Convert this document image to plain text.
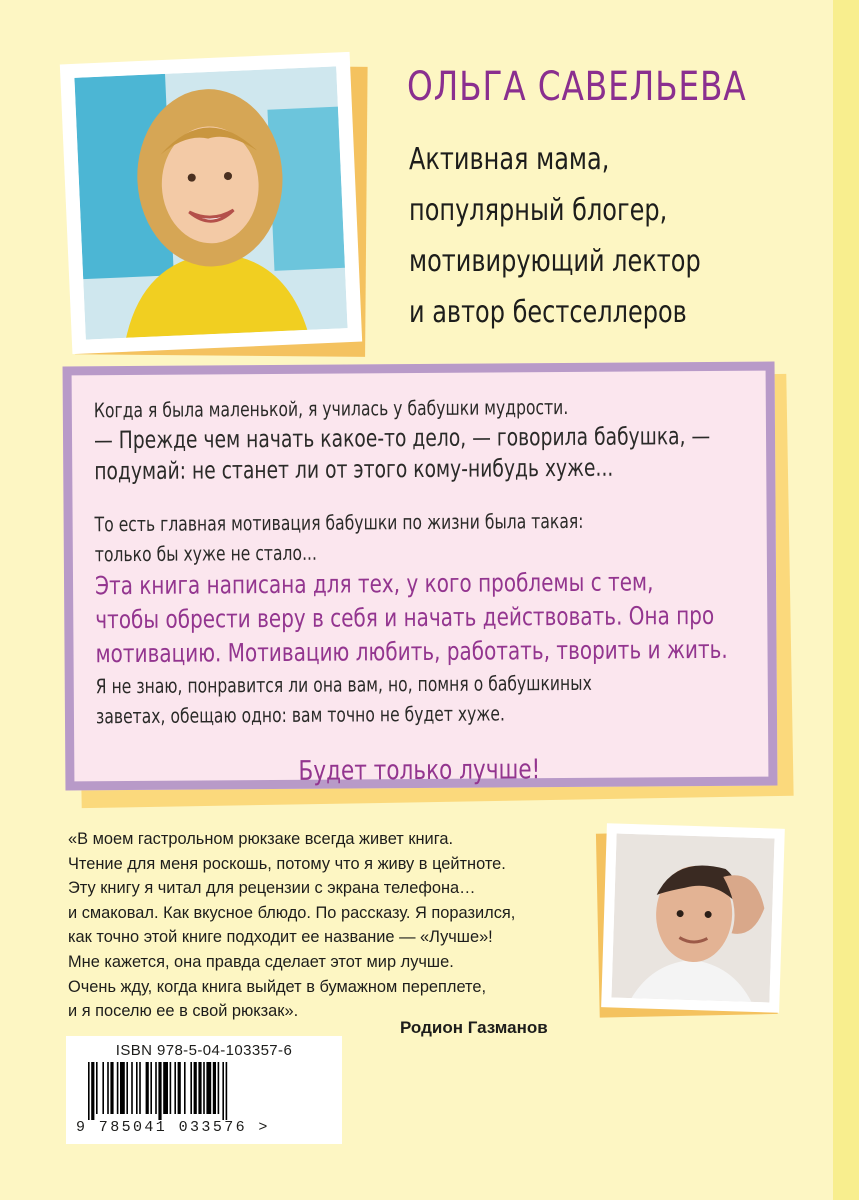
ОЛЬГА САВЕЛЬЕВА
Активная мама,
популярный блогер,
мотивирующий лектор
и автор бестселлеров

Когда я была маленькой, я училась у бабушки мудрости.

— Прежде чем начать какое-то дело, — говорила бабушка, —

подумай: не станет ли от этого кому-нибудь хуже...

То есть главная мотивация бабушки по жизни была такая:

только бы хуже не стало...

Эта книга написана для тех, у кого проблемы с тем,

чтобы обрести веру в себя и начать действовать. Она про

мотивацию. Мотивацию любить, работать, творить и жить.

Я не знаю, понравится ли она вам, но, помня о бабушкиных

заветах, обещаю одно: вам точно не будет хуже.

Будет только лучше!

«В моем гастрольном рюкзаке всегда живет книга.

Чтение для меня роскошь, потому что я живу в цейтноте.

Эту книгу я читал для рецензии с экрана телефона…

и смаковал. Как вкусное блюдо. По рассказу. Я поразился,

как точно этой книге подходит ее название — «Лучше»!

Мне кажется, она правда сделает этот мир лучше.

Очень жду, когда книга выйдет в бумажном переплете,

и я поселю ее в свой рюкзак».

Родион Газманов
ISBN 978-5-04-103357-6
9 785041 033576 >
